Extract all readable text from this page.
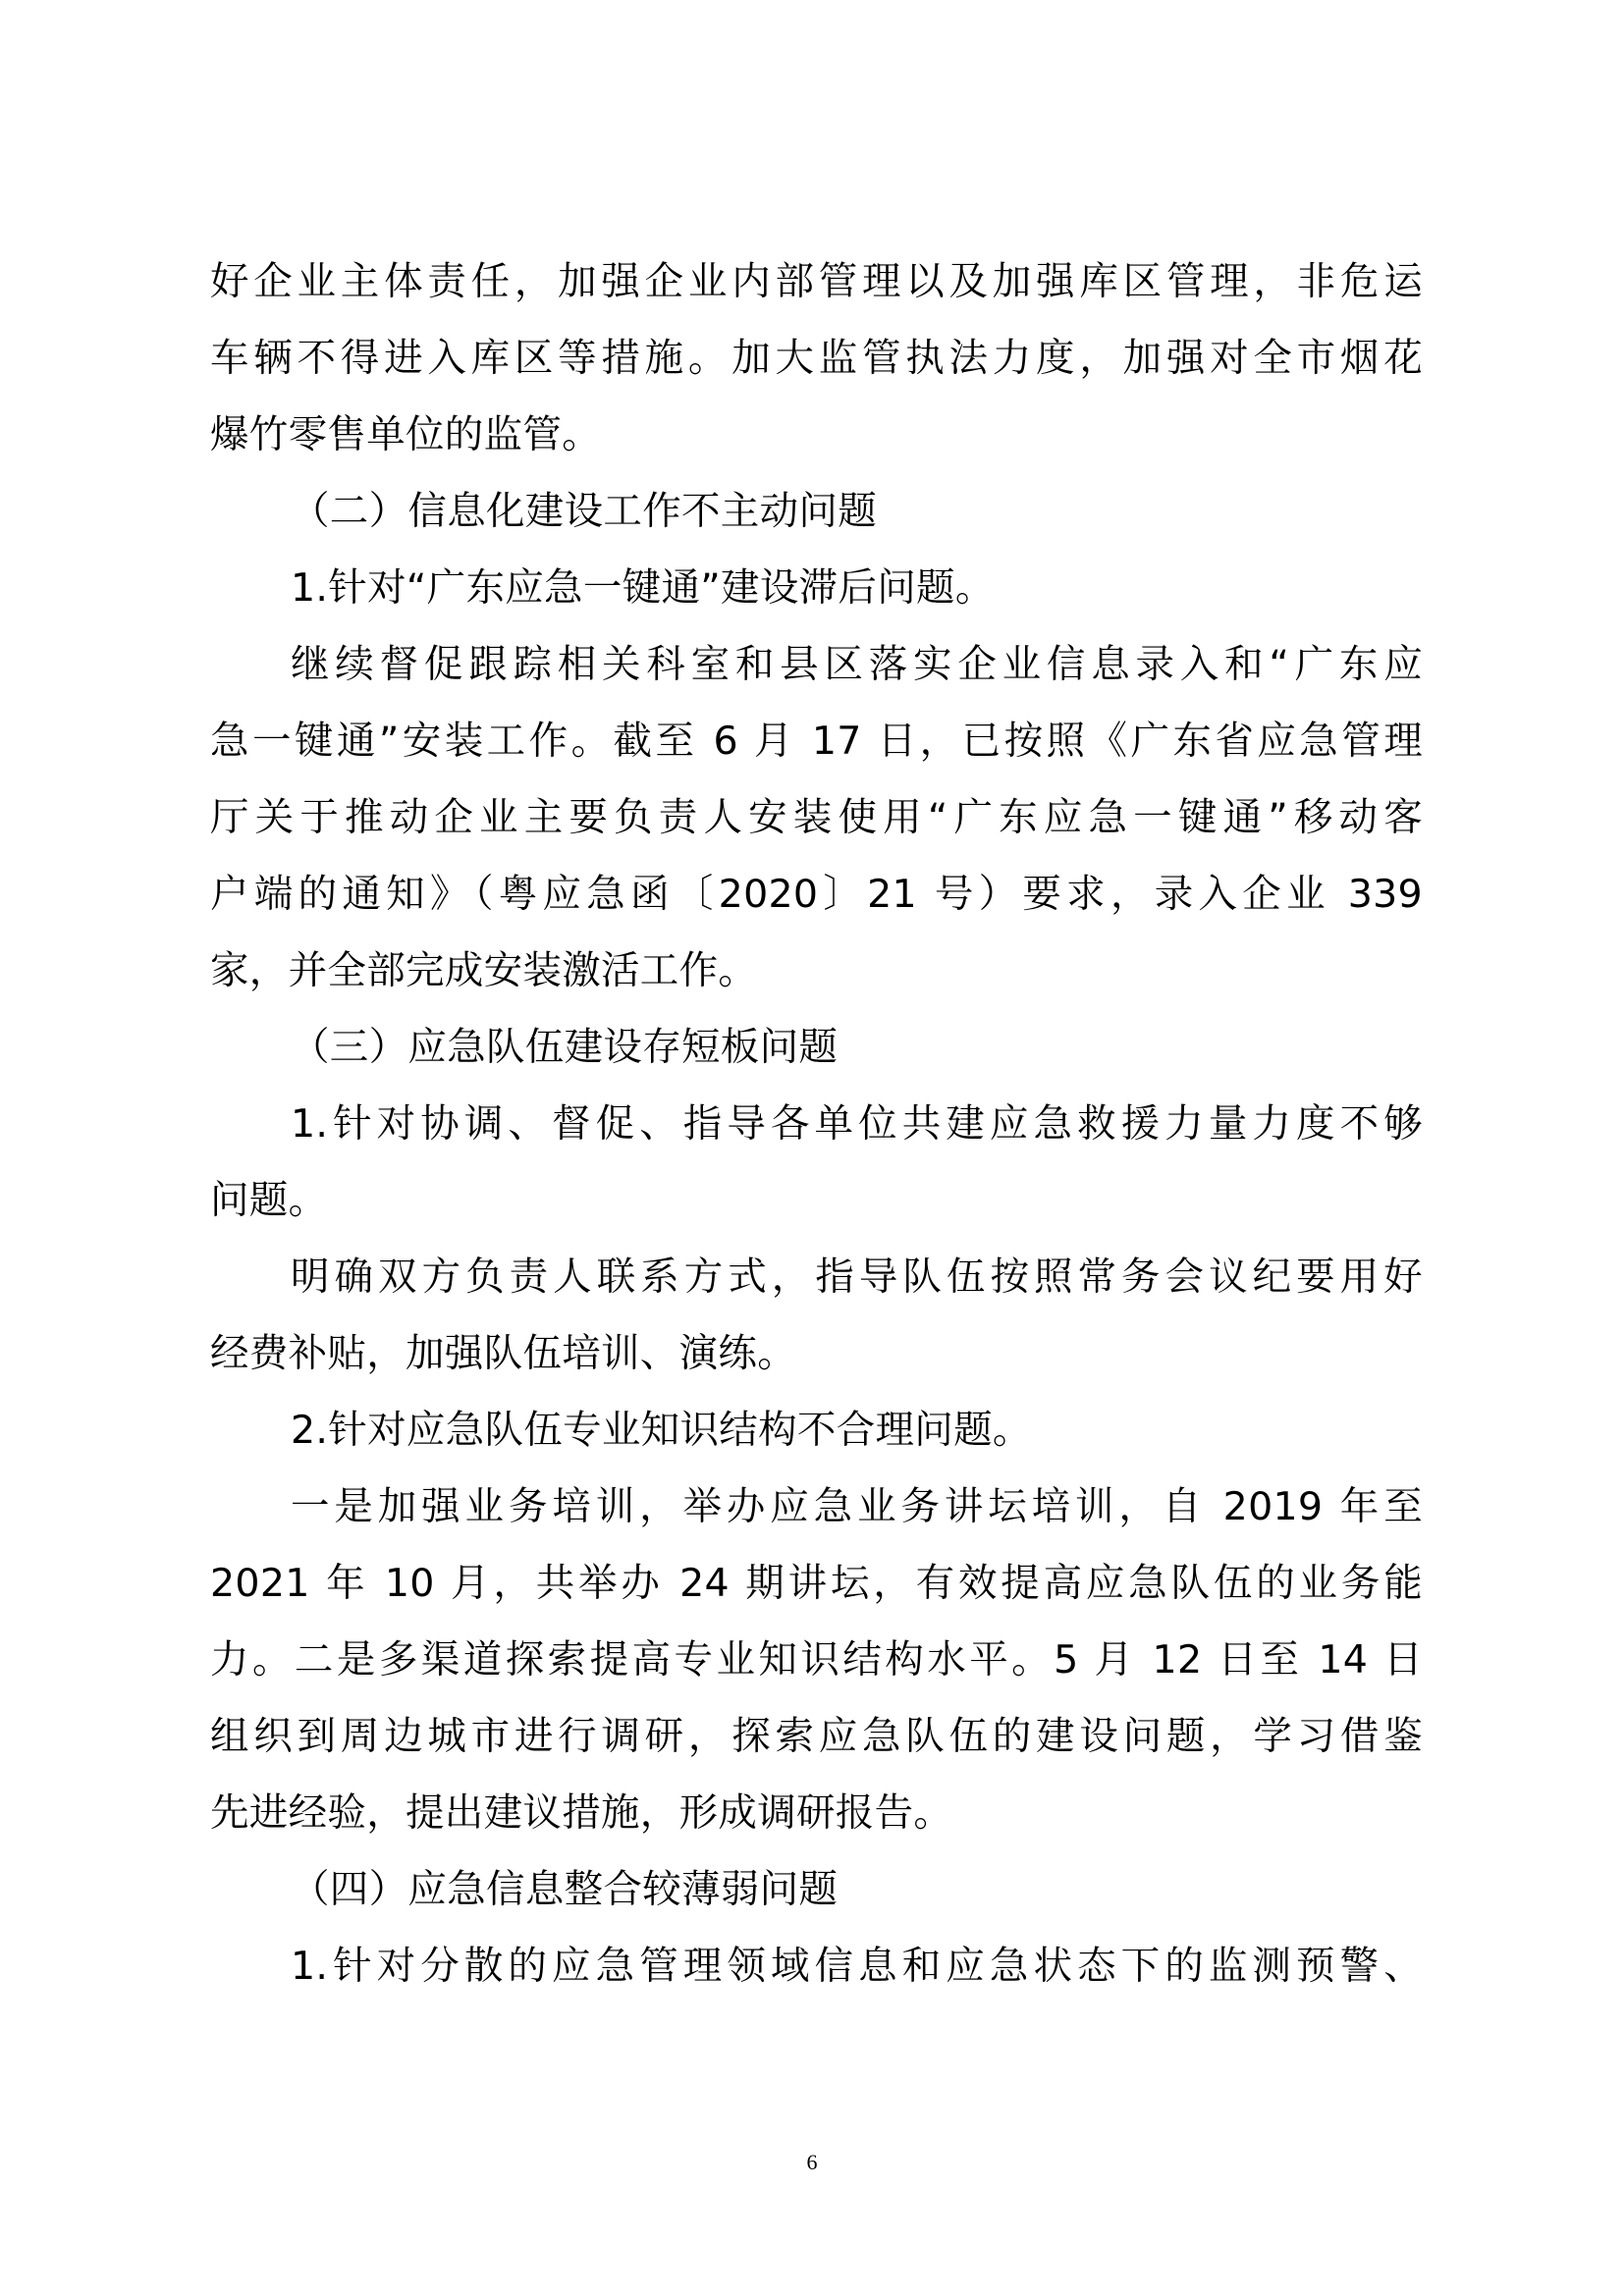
好企业主体责任，加强企业内部管理以及加强库区管理，非危运
车辆不得进入库区等措施。加大监管执法力度，加强对全市烟花
爆竹零售单位的监管。
（二）信息化建设工作不主动问题
1.针对“广东应急一键通”建设滞后问题。
继续督促跟踪相关科室和县区落实企业信息录入和“广东应
急一键通”安装工作。截至 6 月 17 日，已按照《广东省应急管理
厅关于推动企业主要负责人安装使用“广东应急一键通”移动客
户端的通知》（粤应急函〔2020〕21 号）要求，录入企业 339
家，并全部完成安装激活工作。
（三）应急队伍建设存短板问题
1.针对协调、督促、指导各单位共建应急救援力量力度不够
问题。
明确双方负责人联系方式，指导队伍按照常务会议纪要用好
经费补贴，加强队伍培训、演练。
2.针对应急队伍专业知识结构不合理问题。
一是加强业务培训，举办应急业务讲坛培训，自 2019 年至
2021 年 10 月，共举办 24 期讲坛，有效提高应急队伍的业务能
力。二是多渠道探索提高专业知识结构水平。5 月 12 日至 14 日
组织到周边城市进行调研，探索应急队伍的建设问题，学习借鉴
先进经验，提出建议措施，形成调研报告。
（四）应急信息整合较薄弱问题
1.针对分散的应急管理领域信息和应急状态下的监测预警、
6
